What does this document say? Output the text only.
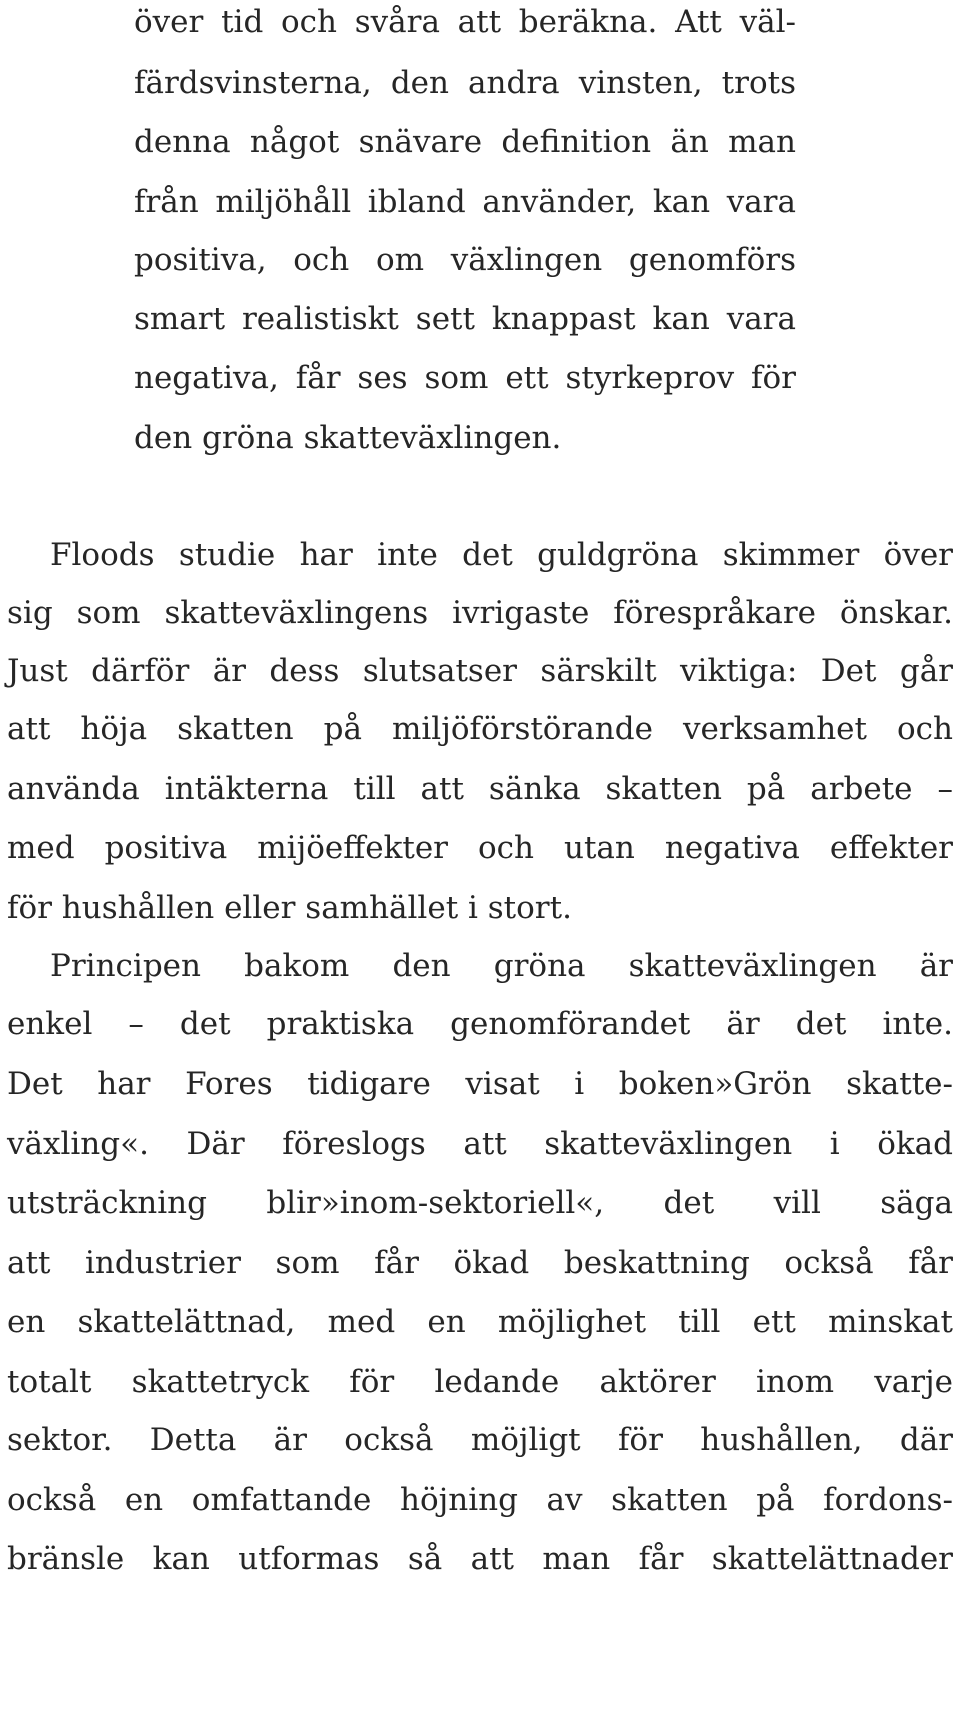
över tid och svåra att beräkna. Att väl-

färdsvinsterna, den andra vinsten, trots

denna något snävare definition än man

från miljöhåll ibland använder, kan vara

positiva, och om växlingen genomförs

smart realistiskt sett knappast kan vara

negativa, får ses som ett styrkeprov för

den gröna skatteväxlingen.

Floods studie har inte det guldgröna skimmer över

sig som skatteväxlingens ivrigaste förespråkare önskar.

Just därför är dess slutsatser särskilt viktiga: Det går

att höja skatten på miljöförstörande verksamhet och

använda intäkterna till att sänka skatten på arbete –

med positiva mijöeffekter och utan negativa effekter

för hushållen eller samhället i stort.

Principen bakom den gröna skatteväxlingen är

enkel – det praktiska genomförandet är det inte.

Det har Fores tidigare visat i boken»Grön skatte-

växling«. Där föreslogs att skatteväxlingen i ökad

utsträckning blir»inom-sektoriell«, det vill säga

att industrier som får ökad beskattning också får

en skattelättnad, med en möjlighet till ett minskat

totalt skattetryck för ledande aktörer inom varje

sektor. Detta är också möjligt för hushållen, där

också en omfattande höjning av skatten på fordons-

bränsle kan utformas så att man får skattelättnader
